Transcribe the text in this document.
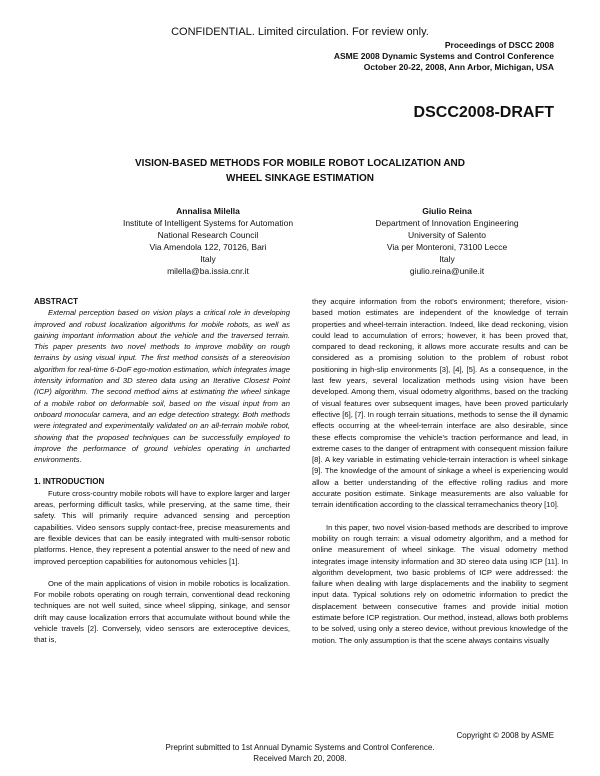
CONFIDENTIAL. Limited circulation. For review only.
Proceedings of DSCC 2008
ASME 2008 Dynamic Systems and Control Conference
October 20-22, 2008, Ann Arbor, Michigan, USA
DSCC2008-DRAFT
VISION-BASED METHODS FOR MOBILE ROBOT LOCALIZATION AND
WHEEL SINKAGE ESTIMATION
Annalisa Milella
Institute of Intelligent Systems for Automation
National Research Council
Via Amendola 122, 70126, Bari
Italy
milella@ba.issia.cnr.it
Giulio Reina
Department of Innovation Engineering
University of Salento
Via per Monteroni, 73100 Lecce
Italy
giulio.reina@unile.it

ABSTRACT

External perception based on vision plays a critical role in developing improved and robust localization algorithms for mobile robots, as well as gaining important information about the vehicle and the traversed terrain. This paper presents two novel methods to improve mobility on rough terrains by using visual input. The first method consists of a stereovision algorithm for real-time 6-DoF ego-motion estimation, which integrates image intensity information and 3D stereo data using an Iterative Closest Point (ICP) algorithm. The second method aims at estimating the wheel sinkage of a mobile robot on deformable soil, based on the visual input from an onboard monocular camera, and an edge detection strategy. Both methods were integrated and experimentally validated on an all-terrain mobile robot, showing that the proposed techniques can be successfully employed to improve the performance of ground vehicles operating in uncharted environments.

1. INTRODUCTION

Future cross-country mobile robots will have to explore larger and larger areas, performing difficult tasks, while preserving, at the same time, their safety. This will primarily require advanced sensing and perception capabilities. Video sensors supply contact-free, precise measurements and are flexible devices that can be easily integrated with multi-sensor robotic platforms. Hence, they represent a potential answer to the need of new and improved perception capabilities for autonomous vehicles [1].

One of the main applications of vision in mobile robotics is localization. For mobile robots operating on rough terrain, conventional dead reckoning techniques are not well suited, since wheel slipping, sinkage, and sensor drift may cause localization errors that accumulate without bound while the vehicle travels [2]. Conversely, video sensors are exteroceptive devices, that is,

they acquire information from the robot's environment; therefore, vision-based motion estimates are independent of the knowledge of terrain properties and wheel-terrain interaction. Indeed, like dead reckoning, vision could lead to accumulation of errors; however, it has been proved that, compared to dead reckoning, it allows more accurate results and can be considered as a promising solution to the problem of robust robot positioning in high-slip environments [3], [4], [5]. As a consequence, in the last few years, several localization methods using vision have been developed. Among them, visual odometry algorithms, based on the tracking of visual features over subsequent images, have been proved particularly effective [6], [7]. In rough terrain situations, methods to sense the ill dynamic effects occurring at the wheel-terrain interface are also desirable, since these effects compromise the vehicle's traction performance and lead, in extreme cases to the danger of entrapment with consequent mission failure [8]. A key variable in estimating vehicle-terrain interaction is wheel sinkage [9]. The knowledge of the amount of sinkage a wheel is experiencing would allow a better understanding of the effective rolling radius and more accurate position estimate. Sinkage measurements are also valuable for terrain identification according to the classical terramechanics theory [10].

In this paper, two novel vision-based methods are described to improve mobility on rough terrain: a visual odometry algorithm, and a method for online measurement of wheel sinkage. The visual odometry method integrates image intensity information and 3D stereo data using ICP [11]. In algorithm development, two basic problems of ICP were addressed: the failure when dealing with large displacements and the inability to segment input data. Typical solutions rely on odometric information to predict the displacement between consecutive frames and provide initial motion estimate before ICP registration. Our method, instead, allows both problems to be solved, using only a stereo device, without previous knowledge of the motion. The only assumption is that the scene always contains visually

Copyright © 2008 by ASME
Preprint submitted to 1st Annual Dynamic Systems and Control Conference.
Received March 20, 2008.
